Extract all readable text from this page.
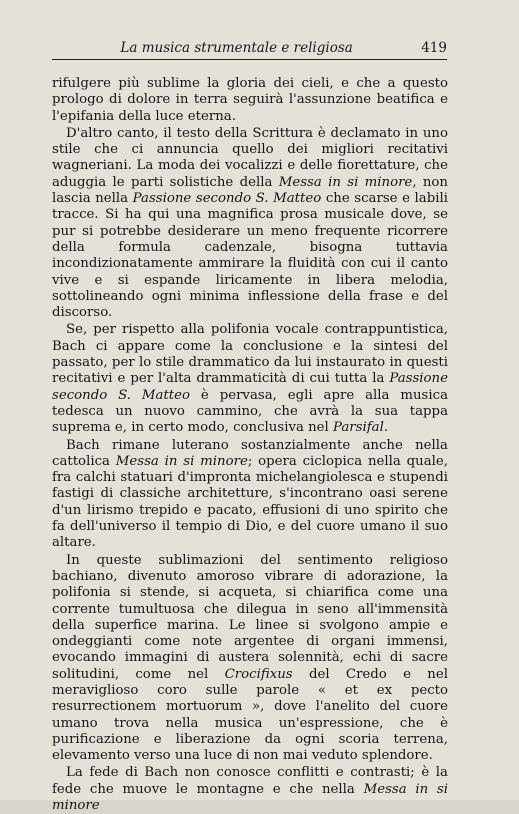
La musica strumentale e religiosa	419

rifulgere più sublime la gloria dei cieli, e che a questo prologo di dolore in terra seguirà l'assunzione beatifica e l'epifania della luce eterna.

D'altro canto, il testo della Scrittura è declamato in uno stile che ci annuncia quello dei migliori recitativi wagneriani. La moda dei vocalizzi e delle fiorettature, che aduggia le parti solistiche della Messa in si minore, non lascia nella Passione secondo S. Matteo che scarse e labili tracce. Si ha qui una magnifica prosa musicale dove, se pur si potrebbe desiderare un meno frequente ricorrere della formula cadenzale, bisogna tuttavia incondizionatamente ammirare la fluidità con cui il canto vive e si espande liricamente in libera melodia, sottolineando ogni minima inflessione della frase e del discorso.

Se, per rispetto alla polifonia vocale contrappuntistica, Bach ci appare come la conclusione e la sintesi del passato, per lo stile drammatico da lui instaurato in questi recitativi e per l'alta drammaticità di cui tutta la Passione secondo S. Matteo è pervasa, egli apre alla musica tedesca un nuovo cammino, che avrà la sua tappa suprema e, in certo modo, conclusiva nel Parsifal.

Bach rimane luterano sostanzialmente anche nella cattolica Messa in si minore; opera ciclopica nella quale, fra calchi statuari d'impronta michelangiolesca e stupendi fastigi di classiche architetture, s'incontrano oasi serene d'un lirismo trepido e pacato, effusioni di uno spirito che fa dell'universo il tempio di Dio, e del cuore umano il suo altare.

In queste sublimazioni del sentimento religioso bachiano, divenuto amoroso vibrare di adorazione, la polifonia si stende, si acqueta, si chiarifica come una corrente tumultuosa che dilegua in seno all'immensità della superfice marina. Le linee si svolgono ampie e ondeggianti come note argentee di organi immensi, evocando immagini di austera solennità, echi di sacre solitudini, come nel Crocifixus del Credo e nel meraviglioso coro sulle parole « et ex pecto resurrectionem mortuorum », dove l'anelito del cuore umano trova nella musica un'espressione, che è purificazione e liberazione da ogni scoria terrena, elevamento verso una luce di non mai veduto splendore.

La fede di Bach non conosce conflitti e contrasti; è la fede che muove le montagne e che nella Messa in si minore
